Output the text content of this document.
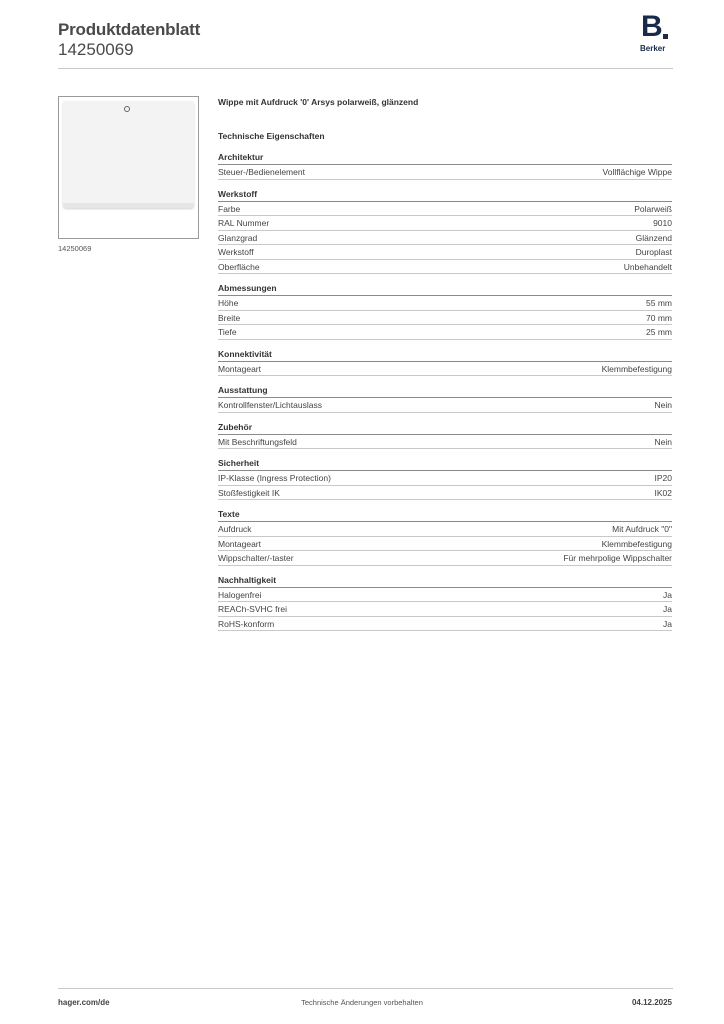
Produktdatenblatt
14250069
B
Berker
14250069
Wippe mit Aufdruck '0' Arsys polarweiß, glänzend
Technische Eigenschaften
Architektur
Steuer-/Bedienelement	Vollflächige Wippe
Werkstoff
Farbe	Polarweiß
RAL Nummer	9010
Glanzgrad	Glänzend
Werkstoff	Duroplast
Oberfläche	Unbehandelt
Abmessungen
Höhe	55 mm
Breite	70 mm
Tiefe	25 mm
Konnektivität
Montageart	Klemmbefestigung
Ausstattung
Kontrollfenster/Lichtauslass	Nein
Zubehör
Mit Beschriftungsfeld	Nein
Sicherheit
IP-Klasse (Ingress Protection)	IP20
Stoßfestigkeit IK	IK02
Texte
Aufdruck	Mit Aufdruck "0"
Montageart	Klemmbefestigung
Wippschalter/-taster	Für mehrpolige Wippschalter
Nachhaltigkeit
Halogenfrei	Ja
REACh-SVHC frei	Ja
RoHS-konform	Ja
hager.com/de	Technische Änderungen vorbehalten	04.12.2025
